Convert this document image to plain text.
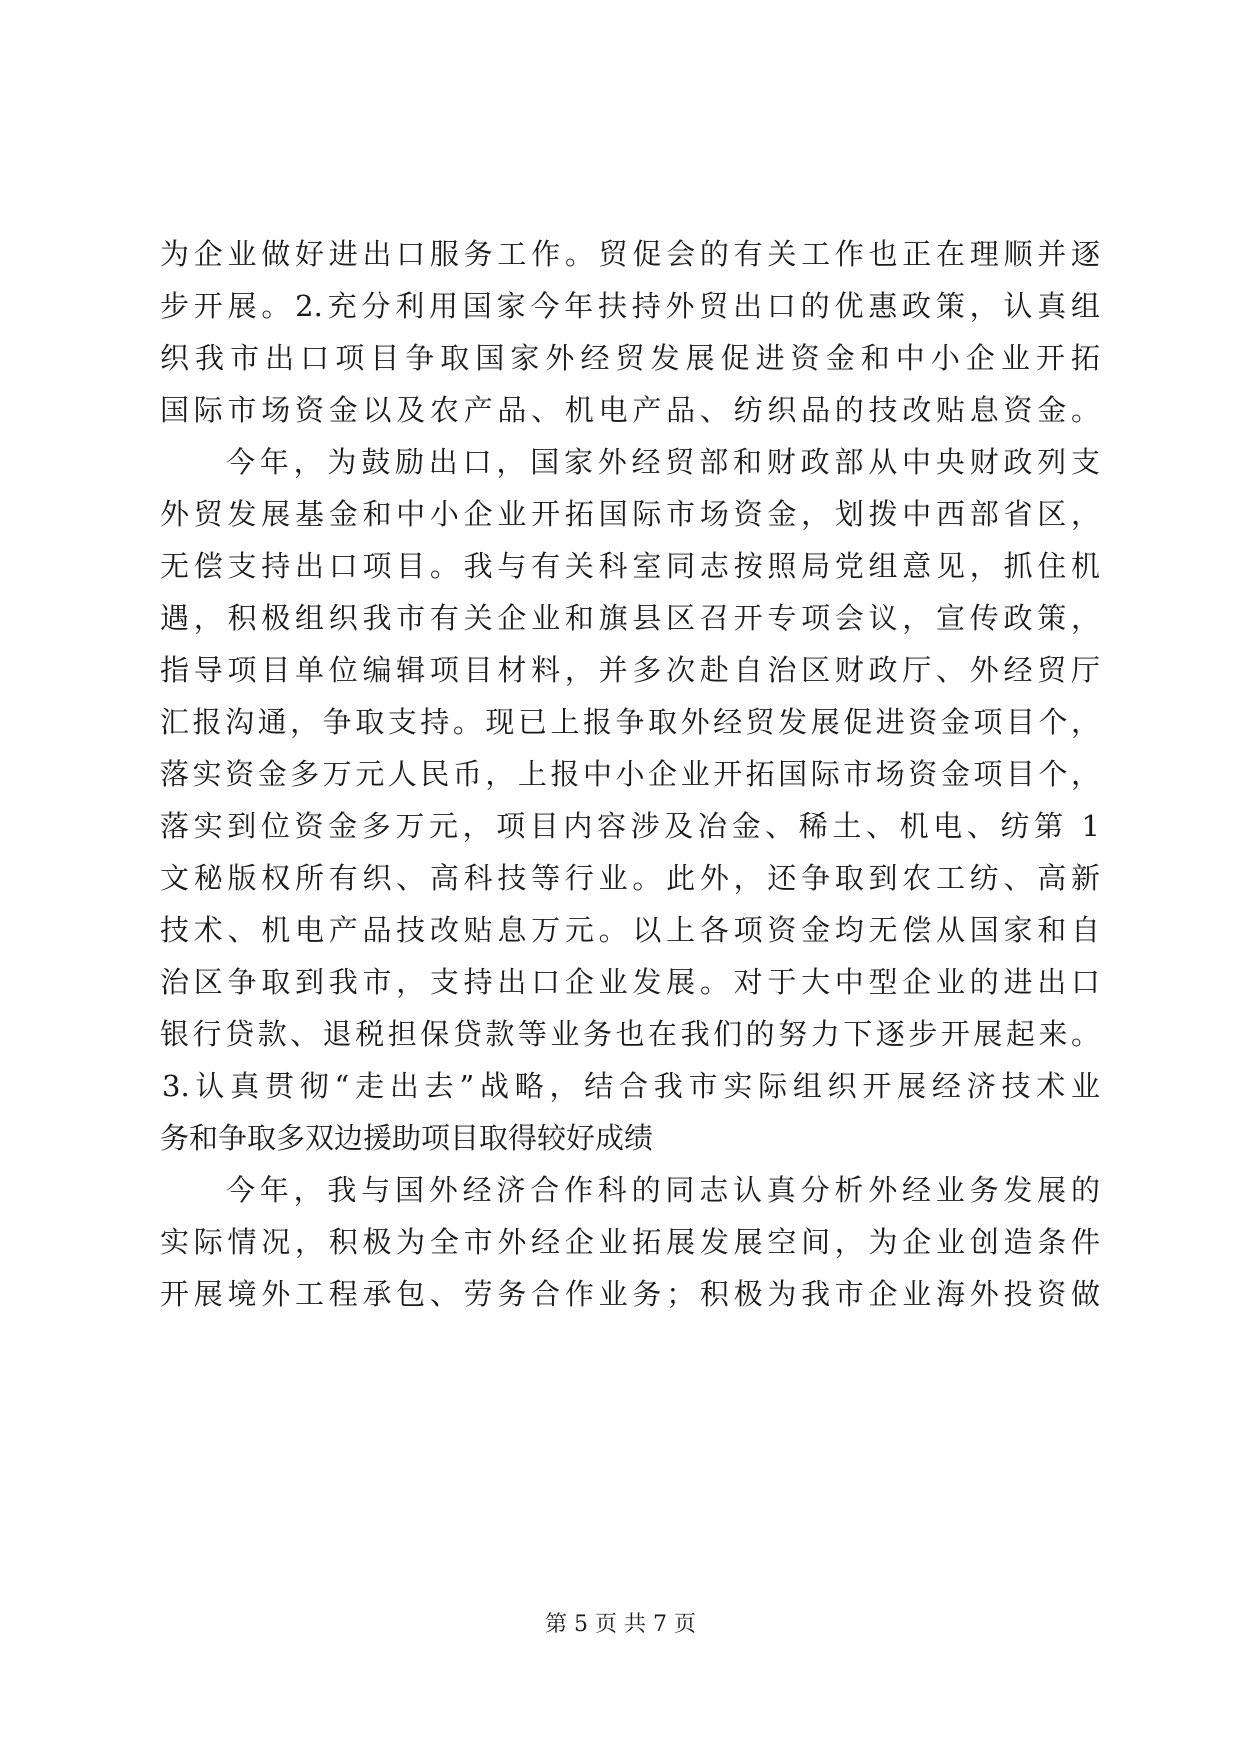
为企业做好进出口服务工作。贸促会的有关工作也正在理顺并逐
步开展。2.充分利用国家今年扶持外贸出口的优惠政策，认真组
织我市出口项目争取国家外经贸发展促进资金和中小企业开拓
国际市场资金以及农产品、机电产品、纺织品的技改贴息资金。
今年，为鼓励出口，国家外经贸部和财政部从中央财政列支
外贸发展基金和中小企业开拓国际市场资金，划拨中西部省区，
无偿支持出口项目。我与有关科室同志按照局党组意见，抓住机
遇，积极组织我市有关企业和旗县区召开专项会议，宣传政策，
指导项目单位编辑项目材料，并多次赴自治区财政厅、外经贸厅
汇报沟通，争取支持。现已上报争取外经贸发展促进资金项目个，
落实资金多万元人民币，上报中小企业开拓国际市场资金项目个，
落实到位资金多万元，项目内容涉及冶金、稀土、机电、纺第 1
文秘版权所有织、高科技等行业。此外，还争取到农工纺、高新
技术、机电产品技改贴息万元。以上各项资金均无偿从国家和自
治区争取到我市，支持出口企业发展。对于大中型企业的进出口
银行贷款、退税担保贷款等业务也在我们的努力下逐步开展起来。
3.认真贯彻“走出去”战略，结合我市实际组织开展经济技术业
务和争取多双边援助项目取得较好成绩
今年，我与国外经济合作科的同志认真分析外经业务发展的
实际情况，积极为全市外经企业拓展发展空间，为企业创造条件
开展境外工程承包、劳务合作业务；积极为我市企业海外投资做
第 5 页 共 7 页
